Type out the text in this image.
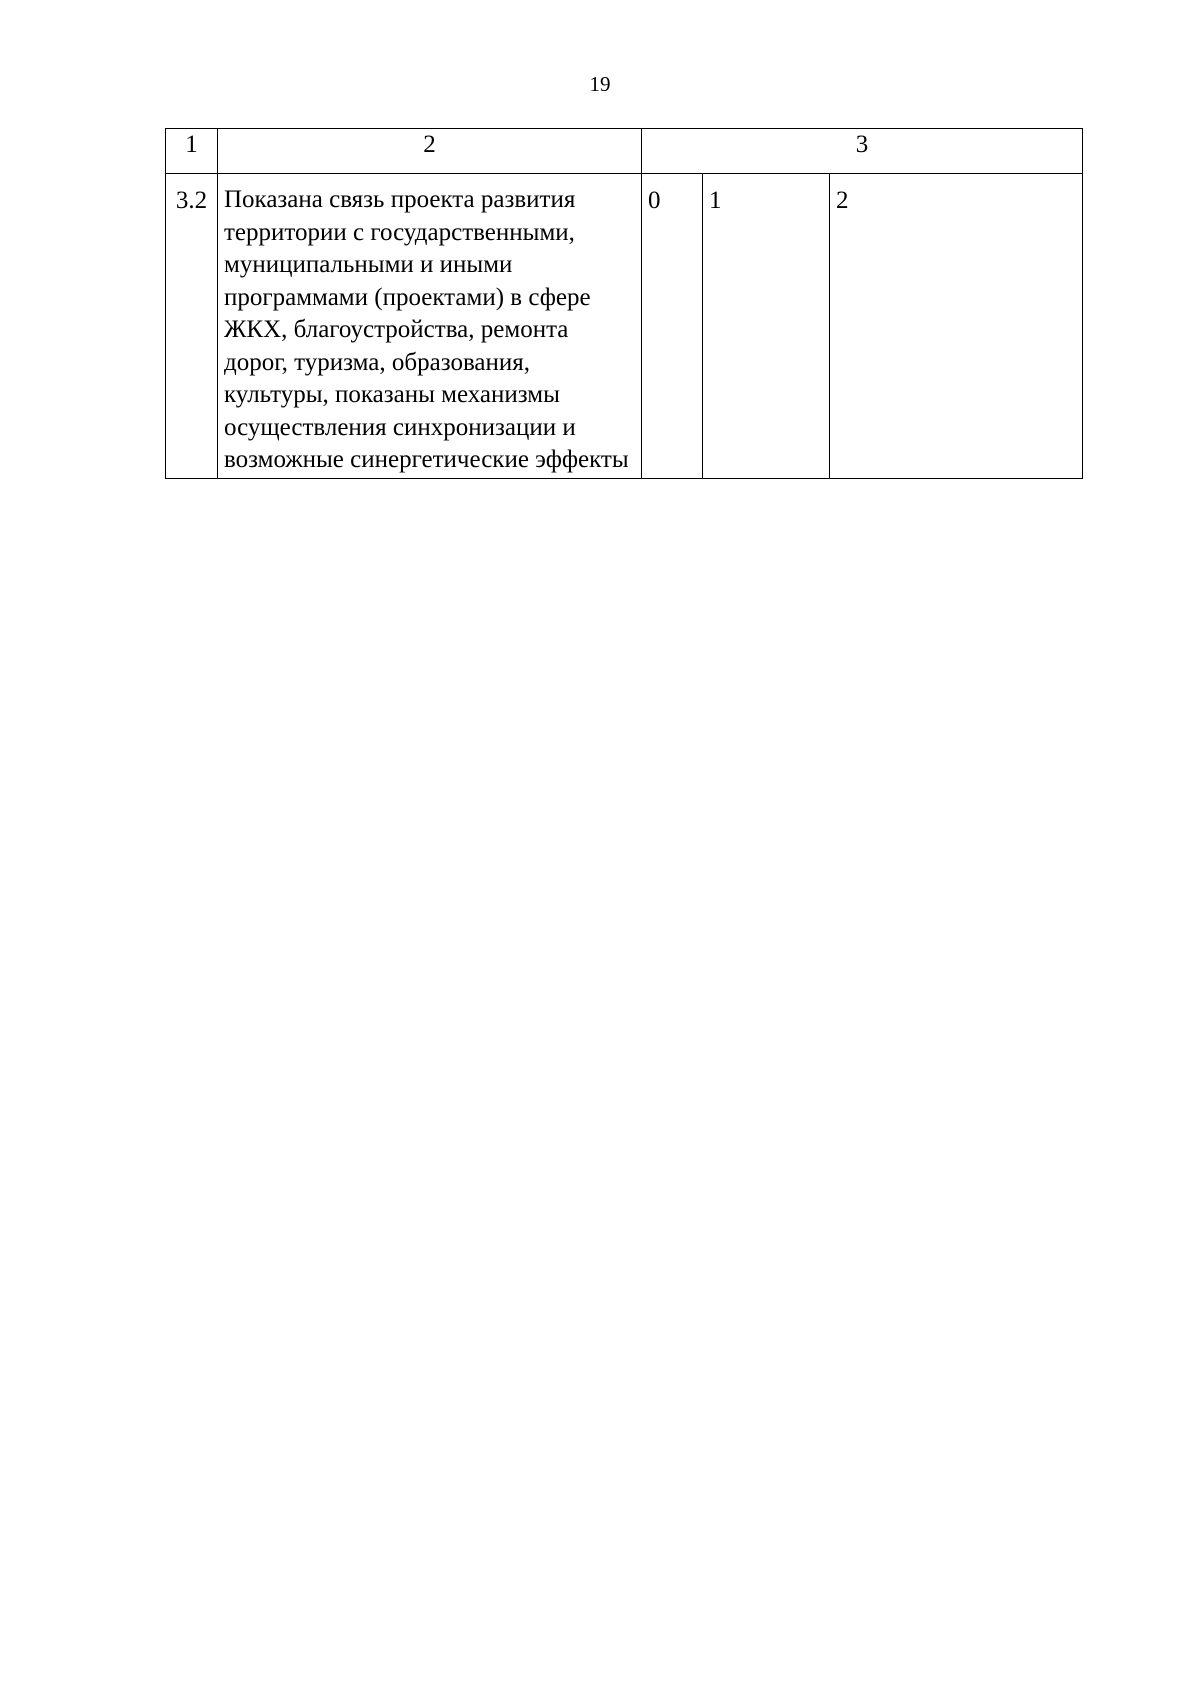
19
1	2	3		
3.2	Показана связь проекта развития территории с государственными, муниципальными и иными программами (проектами) в сфере ЖКХ, благоустройства, ремонта дорог, туризма, образования, культуры, показаны механизмы осуществления синхронизации и возможные синергетические эффекты	0	1	2
